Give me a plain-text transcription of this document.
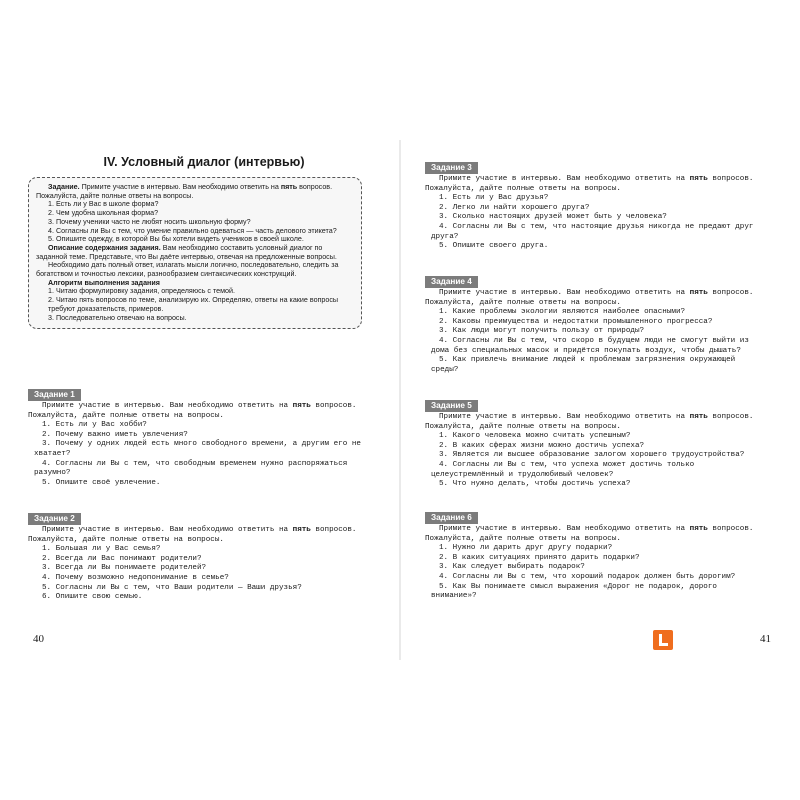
IV. Условный диалог (интервью)

Задание. Примите участие в интервью. Вам необходимо ответить на пять вопросов. Пожалуйста, дайте полные ответы на вопросы.

1. Есть ли у Вас в школе форма?

2. Чем удобна школьная форма?

3. Почему ученики часто не любят носить школьную форму?

4. Согласны ли Вы с тем, что умение правильно одеваться — часть делового этикета?

5. Опишите одежду, в которой Вы бы хотели видеть учеников в своей школе.

Описание содержания задания. Вам необходимо составить условный диалог по заданной теме. Представьте, что Вы даёте интервью, отвечая на предложенные вопросы.

Необходимо дать полный ответ, излагать мысли логично, последовательно, следить за богатством и точностью лексики, разнообразием синтаксических конструкций.

Алгоритм выполнения задания

1. Читаю формулировку задания, определяюсь с темой.

2. Читаю пять вопросов по теме, анализирую их. Определяю, ответы на какие вопросы требуют доказательств, примеров.

3. Последовательно отвечаю на вопросы.

Задание 1

Примите участие в интервью. Вам необходимо ответить на пять вопросов. Пожалуйста, дайте полные ответы на вопросы.

1. Есть ли у Вас хобби?

2. Почему важно иметь увлечения?

3. Почему у одних людей есть много свободного времени, а другим его не хватает?

4. Согласны ли Вы с тем, что свободным временем нужно распоряжаться разумно?

5. Опишите своё увлечение.

Задание 2

Примите участие в интервью. Вам необходимо ответить на пять вопросов. Пожалуйста, дайте полные ответы на вопросы.

1. Большая ли у Вас семья?

2. Всегда ли Вас понимают родители?

3. Всегда ли Вы понимаете родителей?

4. Почему возможно недопонимание в семье?

5. Согласны ли Вы с тем, что Ваши родители — Ваши друзья?

6. Опишите свою семью.

40
Задание 3

Примите участие в интервью. Вам необходимо ответить на пять вопросов. Пожалуйста, дайте полные ответы на вопросы.

1. Есть ли у Вас друзья?

2. Легко ли найти хорошего друга?

3. Сколько настоящих друзей может быть у человека?

4. Согласны ли Вы с тем, что настоящие друзья никогда не предают друг друга?

5. Опишите своего друга.

Задание 4

Примите участие в интервью. Вам необходимо ответить на пять вопросов. Пожалуйста, дайте полные ответы на вопросы.

1. Какие проблемы экологии являются наиболее опасными?

2. Каковы преимущества и недостатки промышленного прогресса?

3. Как люди могут получить пользу от природы?

4. Согласны ли Вы с тем, что скоро в будущем люди не смогут выйти из дома без специальных масок и придётся покупать воздух, чтобы дышать?

5. Как привлечь внимание людей к проблемам загрязнения окружающей среды?

Задание 5

Примите участие в интервью. Вам необходимо ответить на пять вопросов. Пожалуйста, дайте полные ответы на вопросы.

1. Какого человека можно считать успешным?

2. В каких сферах жизни можно достичь успеха?

3. Является ли высшее образование залогом хорошего трудоустройства?

4. Согласны ли Вы с тем, что успеха может достичь только целеустремлённый и трудолюбивый человек?

5. Что нужно делать, чтобы достичь успеха?

Задание 6

Примите участие в интервью. Вам необходимо ответить на пять вопросов. Пожалуйста, дайте полные ответы на вопросы.

1. Нужно ли дарить друг другу подарки?

2. В каких ситуациях принято дарить подарки?

3. Как следует выбирать подарок?

4. Согласны ли Вы с тем, что хороший подарок должен быть дорогим?

5. Как Вы понимаете смысл выражения «Дорог не подарок, дорого внимание»?

41
